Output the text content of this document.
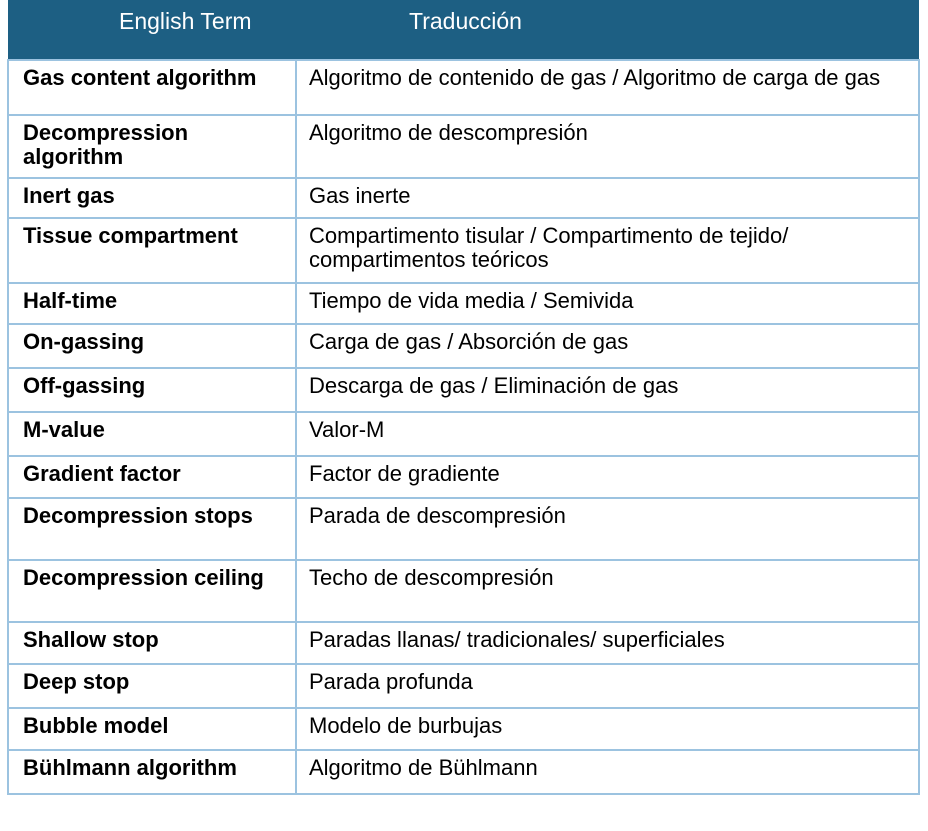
English Term	Traducción
Gas content algorithm	Algoritmo de contenido de gas / Algoritmo de carga de gas
Decompression algorithm	Algoritmo de descompresión
Inert gas	Gas inerte
Tissue compartment	Compartimento tisular / Compartimento de tejido/ compartimentos teóricos
Half-time	Tiempo de vida media / Semivida
On-gassing	Carga de gas / Absorción de gas
Off-gassing	Descarga de gas / Eliminación de gas
M-value	Valor-M
Gradient factor	Factor de gradiente
Decompression stops	Parada de descompresión
Decompression ceiling	Techo de descompresión
Shallow stop	Paradas llanas/ tradicionales/ superficiales
Deep stop	Parada profunda
Bubble model	Modelo de burbujas
Bühlmann algorithm	Algoritmo de Bühlmann
